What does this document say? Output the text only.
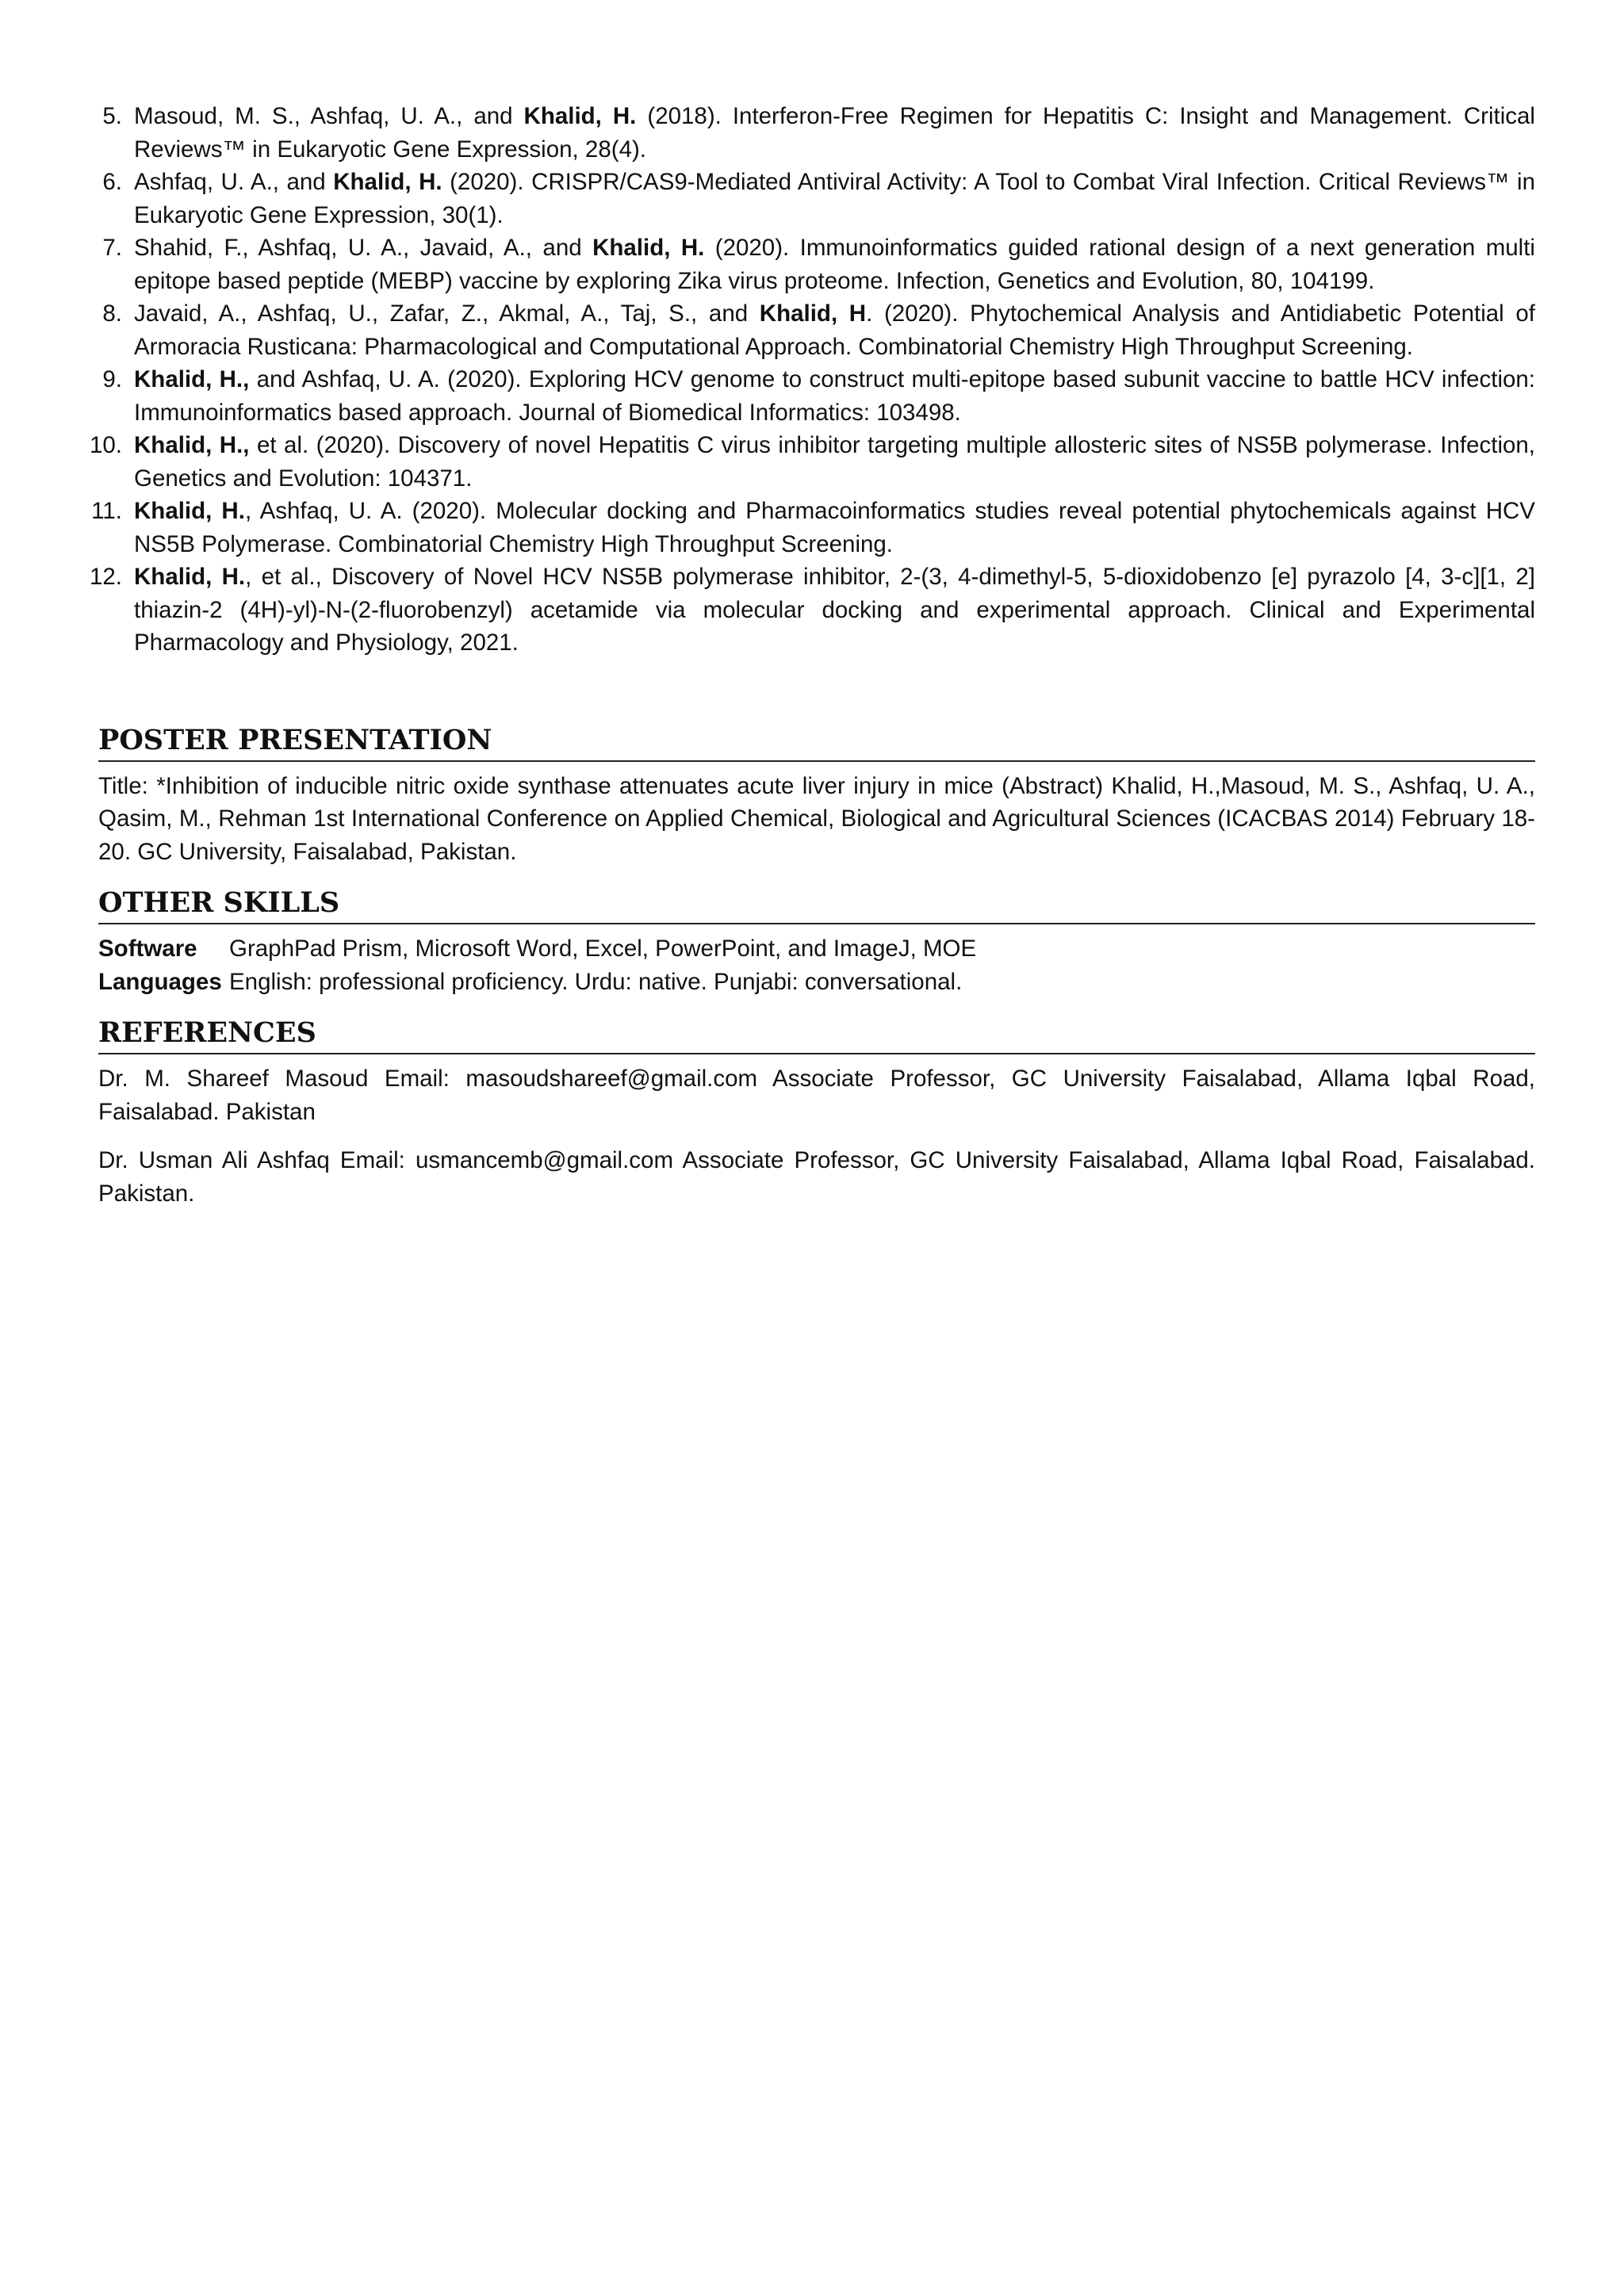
5. Masoud, M. S., Ashfaq, U. A., and Khalid, H. (2018). Interferon-Free Regimen for Hepatitis C: Insight and Management. Critical Reviews™ in Eukaryotic Gene Expression, 28(4).
6. Ashfaq, U. A., and Khalid, H. (2020). CRISPR/CAS9-Mediated Antiviral Activity: A Tool to Combat Viral Infection. Critical Reviews™ in Eukaryotic Gene Expression, 30(1).
7. Shahid, F., Ashfaq, U. A., Javaid, A., and Khalid, H. (2020). Immunoinformatics guided rational design of a next generation multi epitope based peptide (MEBP) vaccine by exploring Zika virus proteome. Infection, Genetics and Evolution, 80, 104199.
8. Javaid, A., Ashfaq, U., Zafar, Z., Akmal, A., Taj, S., and Khalid, H. (2020). Phytochemical Analysis and Antidiabetic Potential of Armoracia Rusticana: Pharmacological and Computational Approach. Combinatorial Chemistry High Throughput Screening.
9. Khalid, H., and Ashfaq, U. A. (2020). Exploring HCV genome to construct multi-epitope based subunit vaccine to battle HCV infection: Immunoinformatics based approach. Journal of Biomedical Informatics: 103498.
10. Khalid, H., et al. (2020). Discovery of novel Hepatitis C virus inhibitor targeting multiple allosteric sites of NS5B polymerase. Infection, Genetics and Evolution: 104371.
11. Khalid, H., Ashfaq, U. A. (2020). Molecular docking and Pharmacoinformatics studies reveal potential phytochemicals against HCV NS5B Polymerase. Combinatorial Chemistry High Throughput Screening.
12. Khalid, H., et al., Discovery of Novel HCV NS5B polymerase inhibitor, 2-(3, 4-dimethyl-5, 5-dioxidobenzo [e] pyrazolo [4, 3-c][1, 2] thiazin-2 (4H)-yl)-N-(2-fluorobenzyl) acetamide via molecular docking and experimental approach. Clinical and Experimental Pharmacology and Physiology, 2021.
POSTER PRESENTATION

Title: *Inhibition of inducible nitric oxide synthase attenuates acute liver injury in mice (Abstract) Khalid, H.,Masoud, M. S., Ashfaq, U. A., Qasim, M., Rehman 1st International Conference on Applied Chemical, Biological and Agricultural Sciences (ICACBAS 2014) February 18-20. GC University, Faisalabad, Pakistan.

OTHER SKILLS
Software	GraphPad Prism, Microsoft Word, Excel, PowerPoint, and ImageJ, MOE
Languages English: professional proficiency. Urdu: native. Punjabi: conversational.
REFERENCES

Dr. M. Shareef Masoud Email: masoudshareef@gmail.com Associate Professor, GC University Faisalabad, Allama Iqbal Road, Faisalabad. Pakistan

Dr. Usman Ali Ashfaq Email: usmancemb@gmail.com Associate Professor, GC University Faisalabad, Allama Iqbal Road, Faisalabad. Pakistan.
